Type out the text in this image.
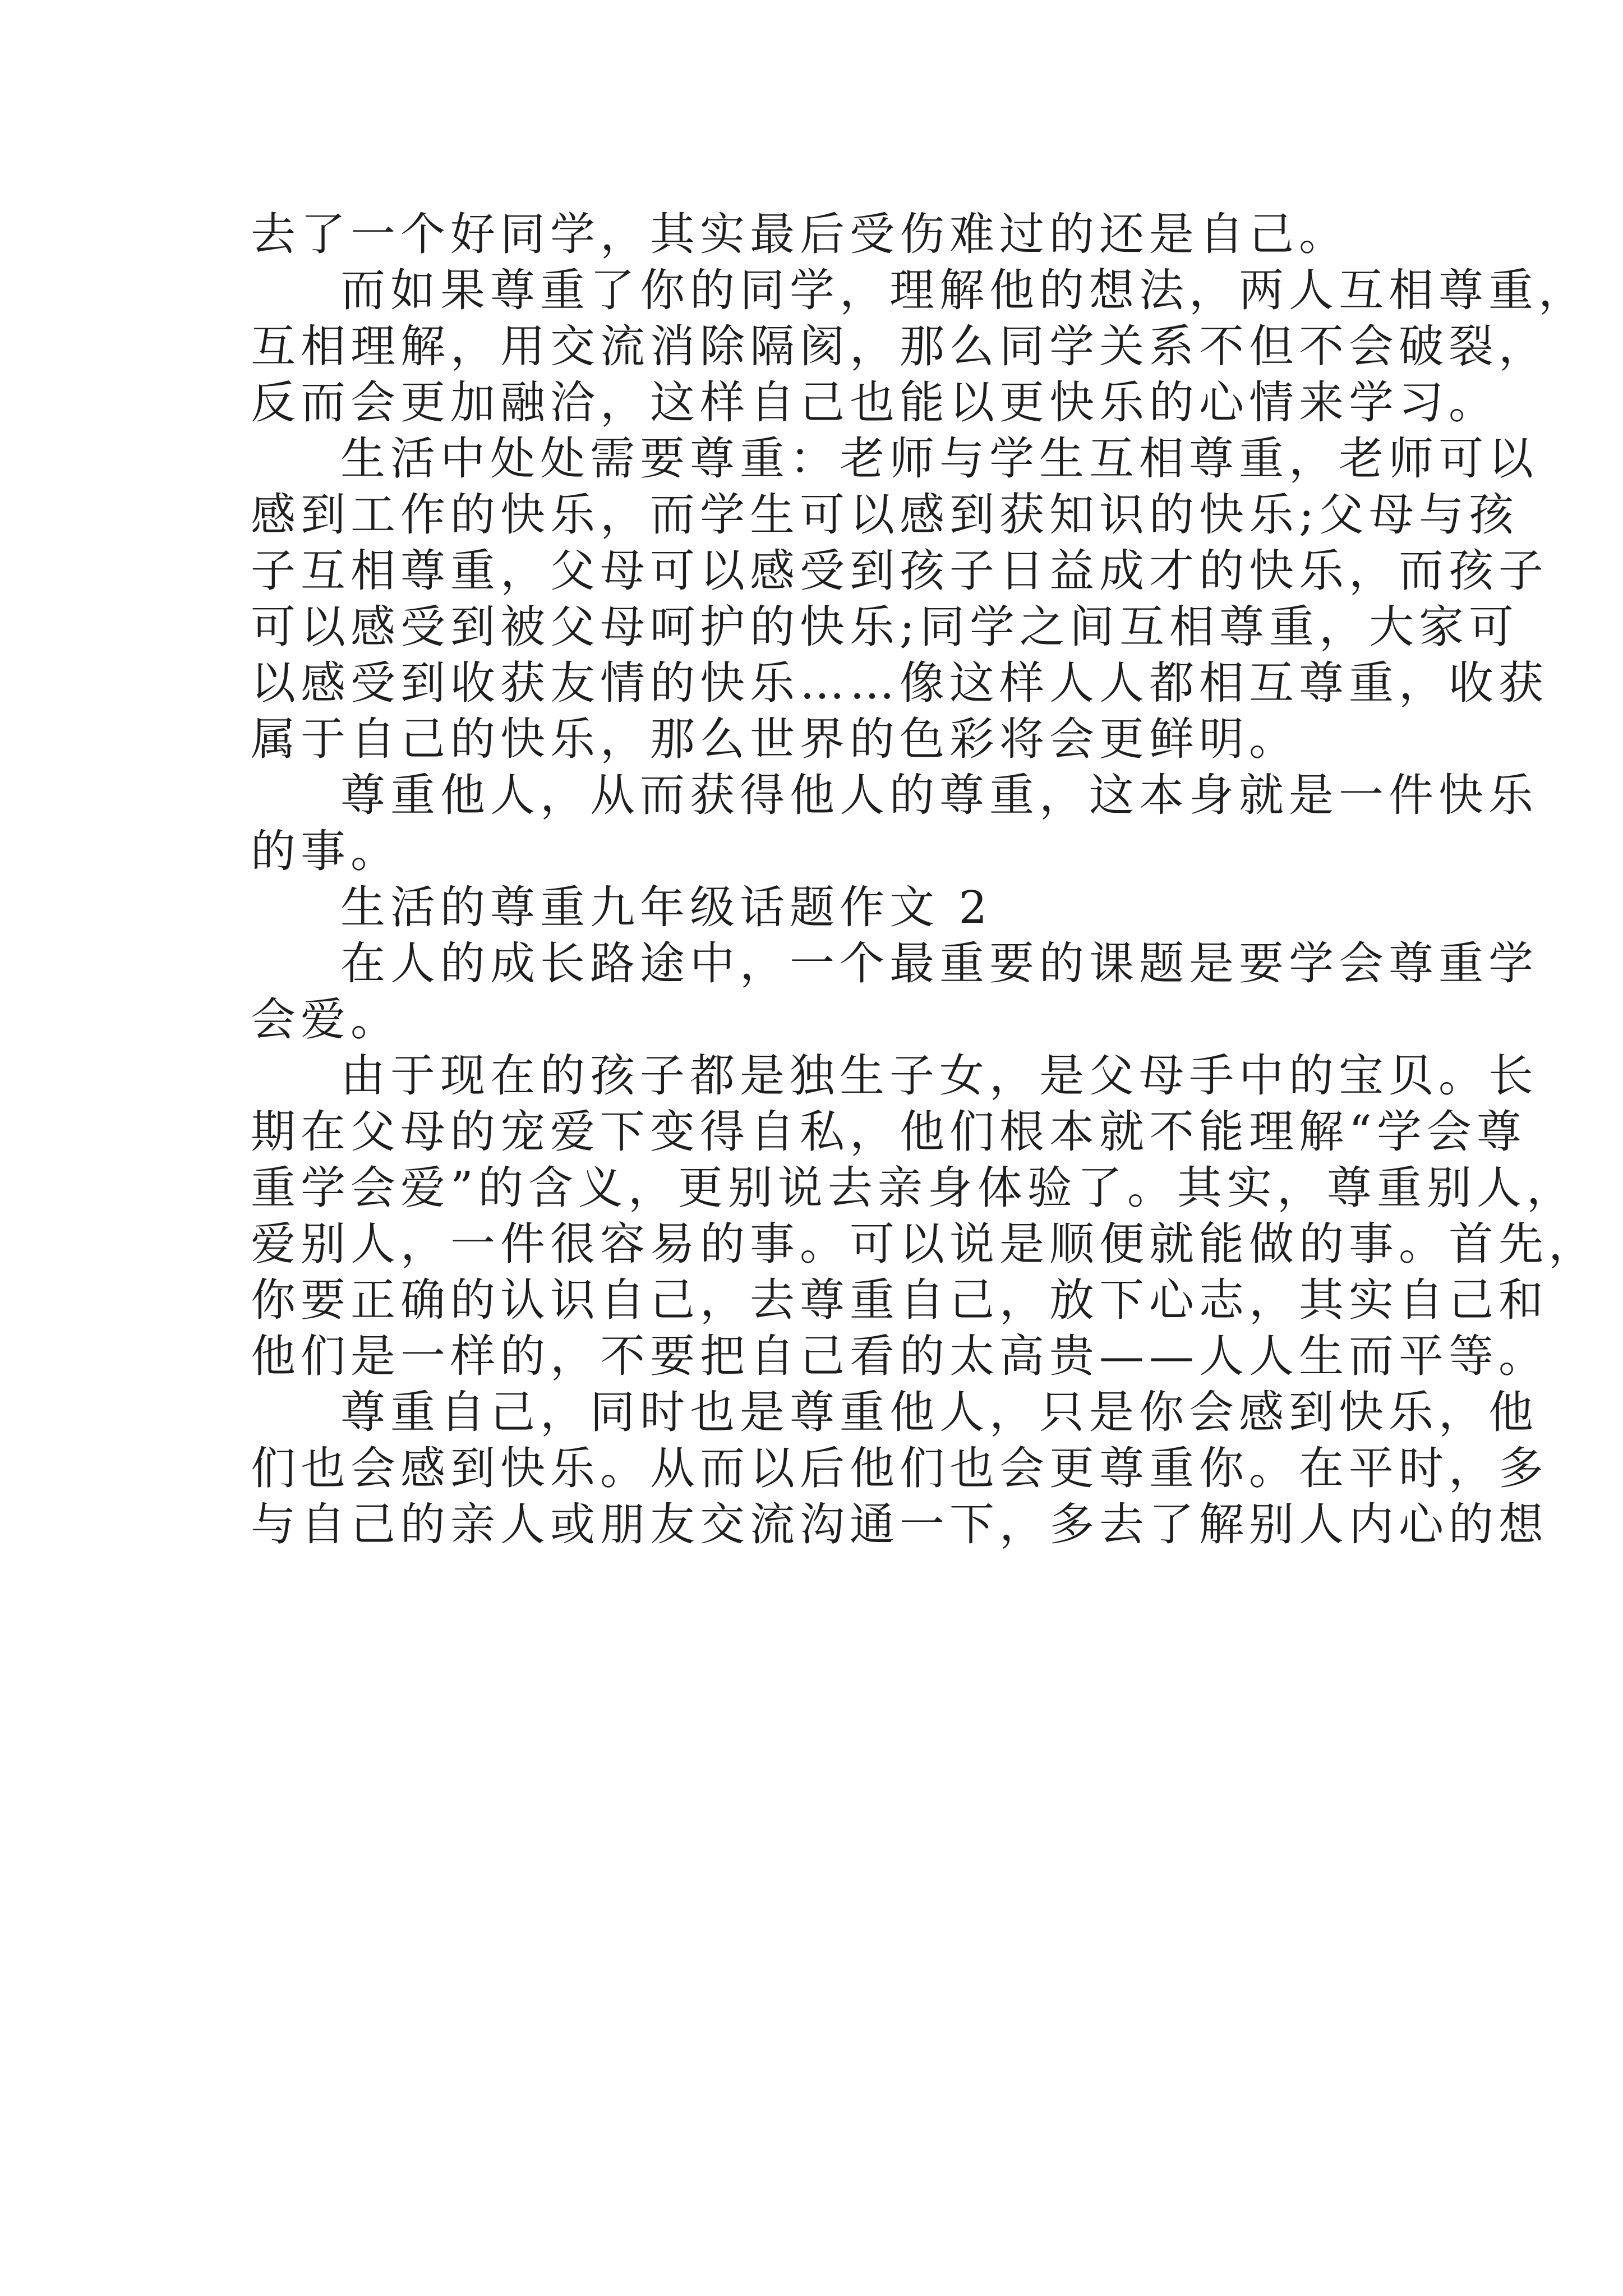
去了一个好同学，其实最后受伤难过的还是自己。
而如果尊重了你的同学，理解他的想法，两人互相尊重，
互相理解，用交流消除隔阂，那么同学关系不但不会破裂，
反而会更加融洽，这样自己也能以更快乐的心情来学习。
生活中处处需要尊重：老师与学生互相尊重，老师可以
感到工作的快乐，而学生可以感到获知识的快乐;父母与孩
子互相尊重，父母可以感受到孩子日益成才的快乐，而孩子
可以感受到被父母呵护的快乐;同学之间互相尊重，大家可
以感受到收获友情的快乐……像这样人人都相互尊重，收获
属于自己的快乐，那么世界的色彩将会更鲜明。
尊重他人，从而获得他人的尊重，这本身就是一件快乐
的事。
生活的尊重九年级话题作文 2
在人的成长路途中，一个最重要的课题是要学会尊重学
会爱。
由于现在的孩子都是独生子女，是父母手中的宝贝。长
期在父母的宠爱下变得自私，他们根本就不能理解“学会尊
重学会爱”的含义，更别说去亲身体验了。其实，尊重别人，
爱别人，一件很容易的事。可以说是顺便就能做的事。首先，
你要正确的认识自己，去尊重自己，放下心志，其实自己和
他们是一样的，不要把自己看的太高贵——人人生而平等。
尊重自己，同时也是尊重他人，只是你会感到快乐，他
们也会感到快乐。从而以后他们也会更尊重你。在平时，多
与自己的亲人或朋友交流沟通一下，多去了解别人内心的想
